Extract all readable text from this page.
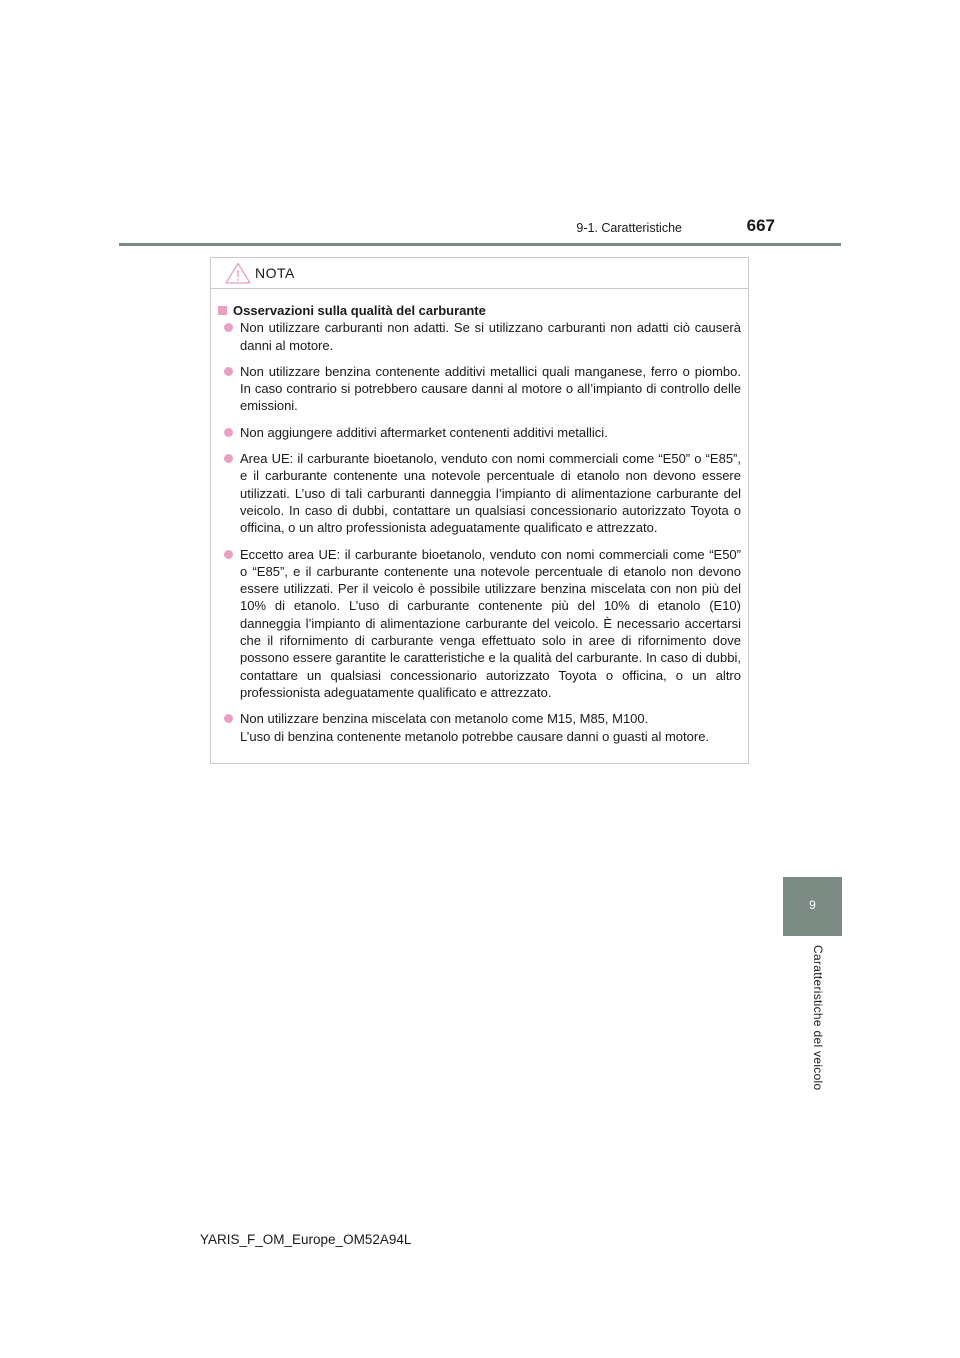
9-1. Caratteristiche	667
NOTA
Osservazioni sulla qualità del carburante
Non utilizzare carburanti non adatti. Se si utilizzano carburanti non adatti ciò causerà danni al motore.
Non utilizzare benzina contenente additivi metallici quali manganese, ferro o piombo. In caso contrario si potrebbero causare danni al motore o all’impianto di controllo delle emissioni.
Non aggiungere additivi aftermarket contenenti additivi metallici.
Area UE: il carburante bioetanolo, venduto con nomi commerciali come “E50” o “E85”, e il carburante contenente una notevole percentuale di etanolo non devono essere utilizzati. L’uso di tali carburanti danneggia l’impianto di alimentazione carburante del veicolo. In caso di dubbi, contattare un qualsiasi concessionario autorizzato Toyota o officina, o un altro professionista adeguatamente qualificato e attrezzato.
Eccetto area UE: il carburante bioetanolo, venduto con nomi commerciali come “E50” o “E85”, e il carburante contenente una notevole percentuale di etanolo non devono essere utilizzati. Per il veicolo è possibile utilizzare benzina miscelata con non più del 10% di etanolo. L’uso di carburante contenente più del 10% di etanolo (E10) danneggia l’impianto di alimentazione carburante del veicolo. È necessario accertarsi che il rifornimento di carburante venga effettuato solo in aree di rifornimento dove possono essere garantite le caratteristiche e la qualità del carburante. In caso di dubbi, contattare un qualsiasi concessionario autorizzato Toyota o officina, o un altro professionista adeguatamente qualificato e attrezzato.
Non utilizzare benzina miscelata con metanolo come M15, M85, M100.
L’uso di benzina contenente metanolo potrebbe causare danni o guasti al motore.
9
Caratteristiche del veicolo
YARIS_F_OM_Europe_OM52A94L
